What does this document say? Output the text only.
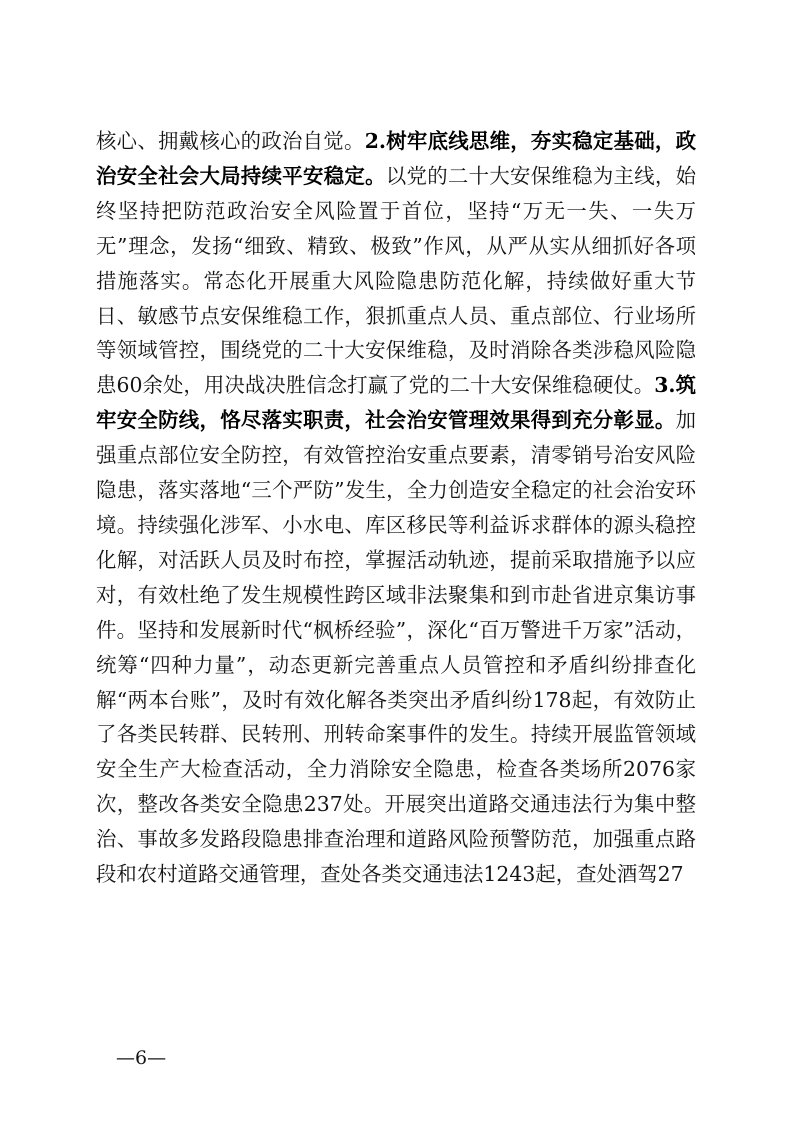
核心、拥戴核心的政治自觉。2.树牢底线思维，夯实稳定基础，政治安全社会大局持续平安稳定。以党的二十大安保维稳为主线，始终坚持把防范政治安全风险置于首位，坚持“万无一失、一失万无”理念，发扬“细致、精致、极致”作风，从严从实从细抓好各项措施落实。常态化开展重大风险隐患防范化解，持续做好重大节日、敏感节点安保维稳工作，狠抓重点人员、重点部位、行业场所等领域管控，围绕党的二十大安保维稳，及时消除各类涉稳风险隐患60余处，用决战决胜信念打赢了党的二十大安保维稳硬仗。3.筑牢安全防线，恪尽落实职责，社会治安管理效果得到充分彰显。加强重点部位安全防控，有效管控治安重点要素，清零销号治安风险隐患，落实落地“三个严防”发生，全力创造安全稳定的社会治安环境。持续强化涉军、小水电、库区移民等利益诉求群体的源头稳控化解，对活跃人员及时布控，掌握活动轨迹，提前采取措施予以应对，有效杜绝了发生规模性跨区域非法聚集和到市赴省进京集访事件。坚持和发展新时代“枫桥经验”，深化“百万警进千万家”活动，统筹“四种力量”，动态更新完善重点人员管控和矛盾纠纷排查化解“两本台账”，及时有效化解各类突出矛盾纠纷178起，有效防止了各类民转群、民转刑、刑转命案事件的发生。持续开展监管领域安全生产大检查活动，全力消除安全隐患，检查各类场所2076家次，整改各类安全隐患237处。开展突出道路交通违法行为集中整治、事故多发路段隐患排查治理和道路风险预警防范，加强重点路段和农村道路交通管理，查处各类交通违法1243起，查处酒驾27

—6—
